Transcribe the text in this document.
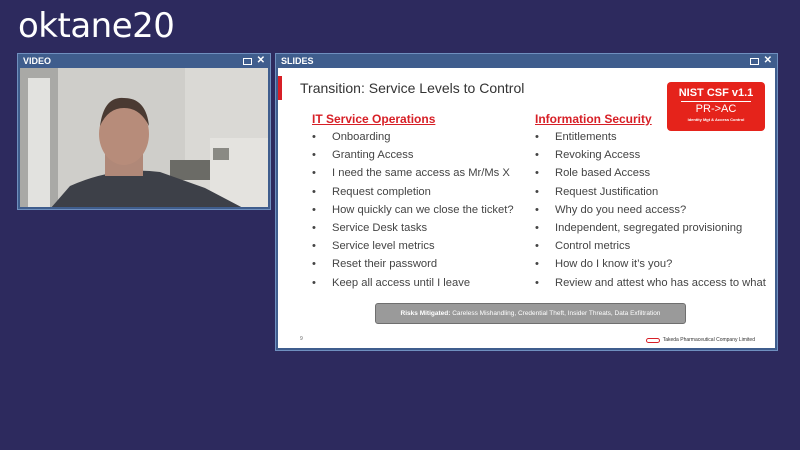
oktane20
VIDEO	✕ SLIDES	✕
Transition: Service Levels to Control	NIST CSF v1.1
PR->AC
Identity Mgt & Access Control
IT Service Operations
•	Onboarding
•	Granting Access
•	I need the same access as Mr/Ms X
•	Request completion
•	How quickly can we close the ticket?
•	Service Desk tasks
•	Service level metrics
•	Reset their password
•	Keep all access until I leave
Information Security
•	Entitlements
•	Revoking Access
•	Role based Access
•	Request Justification
•	Why do you need access?
•	Independent, segregated provisioning
•	Control metrics
•	How do I know it’s you?
•	Review and attest who has access to what
Risks Mitigated: Careless Mishandling, Credential Theft, Insider Threats, Data Exfiltration
9	Takeda Pharmaceutical Company Limited
